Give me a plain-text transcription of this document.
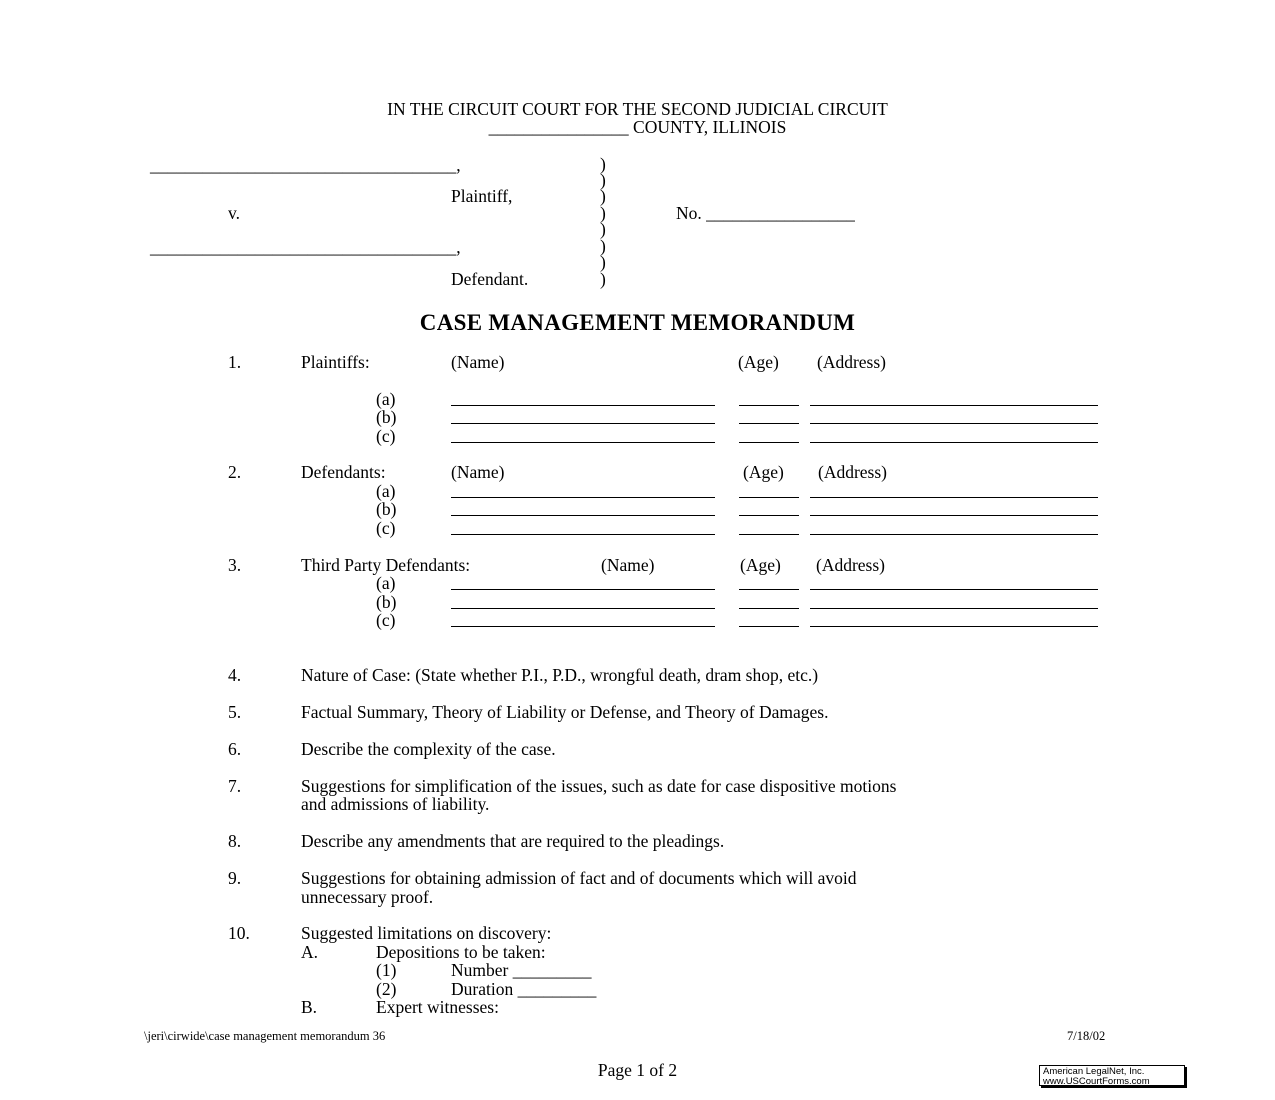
IN THE CIRCUIT COURT FOR THE SECOND JUDICIAL CIRCUIT
________________ COUNTY, ILLINOIS
___________________________________,
Plaintiff,
v.	No. _________________
___________________________________,
Defendant.
)
)
)
)
)
)
)
)
CASE MANAGEMENT MEMORANDUM
1.	Plaintiffs:	(Name)	(Age) (Address)
(a)
(b)
(c)
2.	Defendants:	(Name)	(Age) (Address)
(a)
(b)
(c)
3.	Third Party Defendants:	(Name)	(Age) (Address)
(a)
(b)
(c)
4.	Nature of Case: (State whether P.I., P.D., wrongful death, dram shop, etc.)
5.	Factual Summary, Theory of Liability or Defense, and Theory of Damages.
6.	Describe the complexity of the case.
7.	Suggestions for simplification of the issues, such as date for case dispositive motions
and admissions of liability.
8.	Describe any amendments that are required to the pleadings.
9.	Suggestions for obtaining admission of fact and of documents which will avoid
unnecessary proof.
10.	Suggested limitations on discovery:
A.	Depositions to be taken:
(1)	Number _________
(2)	Duration _________
B.	Expert witnesses:
\jeri\cirwide\case management memorandum 36	7/18/02
Page 1 of 2	American LegalNet, Inc.
www.USCourtForms.com
